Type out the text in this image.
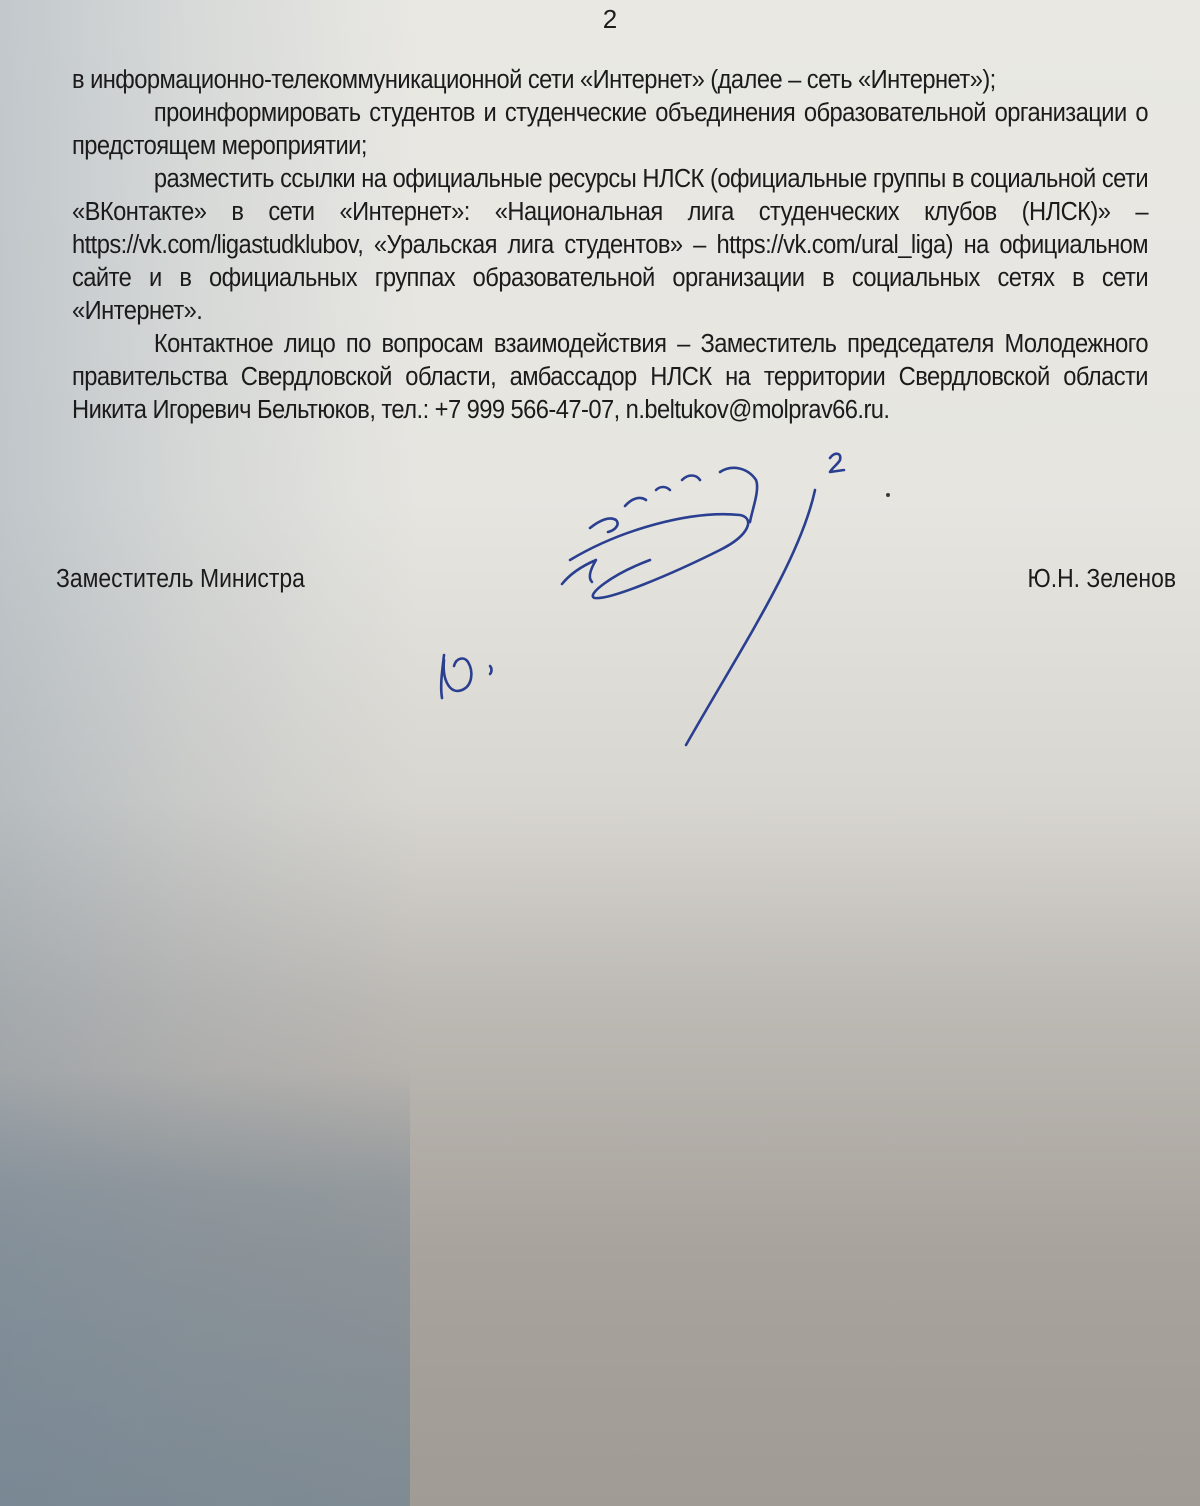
2

в информационно-телекоммуникационной сети «Интернет» (далее – сеть «Интернет»);

проинформировать студентов и студенческие объединения образовательной организации о предстоящем мероприятии;

разместить ссылки на официальные ресурсы НЛСК (официальные группы в социальной сети «ВКонтакте» в сети «Интернет»: «Национальная лига студенческих клубов (НЛСК)» – https://vk.com/ligastudklubov, «Уральская лига студентов» – https://vk.com/ural_liga) на официальном сайте и в официальных группах образовательной организации в социальных сетях в сети «Интернет».

Контактное лицо по вопросам взаимодействия – Заместитель председателя Молодежного правительства Свердловской области, амбассадор НЛСК на территории Свердловской области Никита Игоревич Бельтюков, тел.: +7 999 566-47-07, n.beltukov@molprav66.ru.

Заместитель Министра	Ю.Н. Зеленов
